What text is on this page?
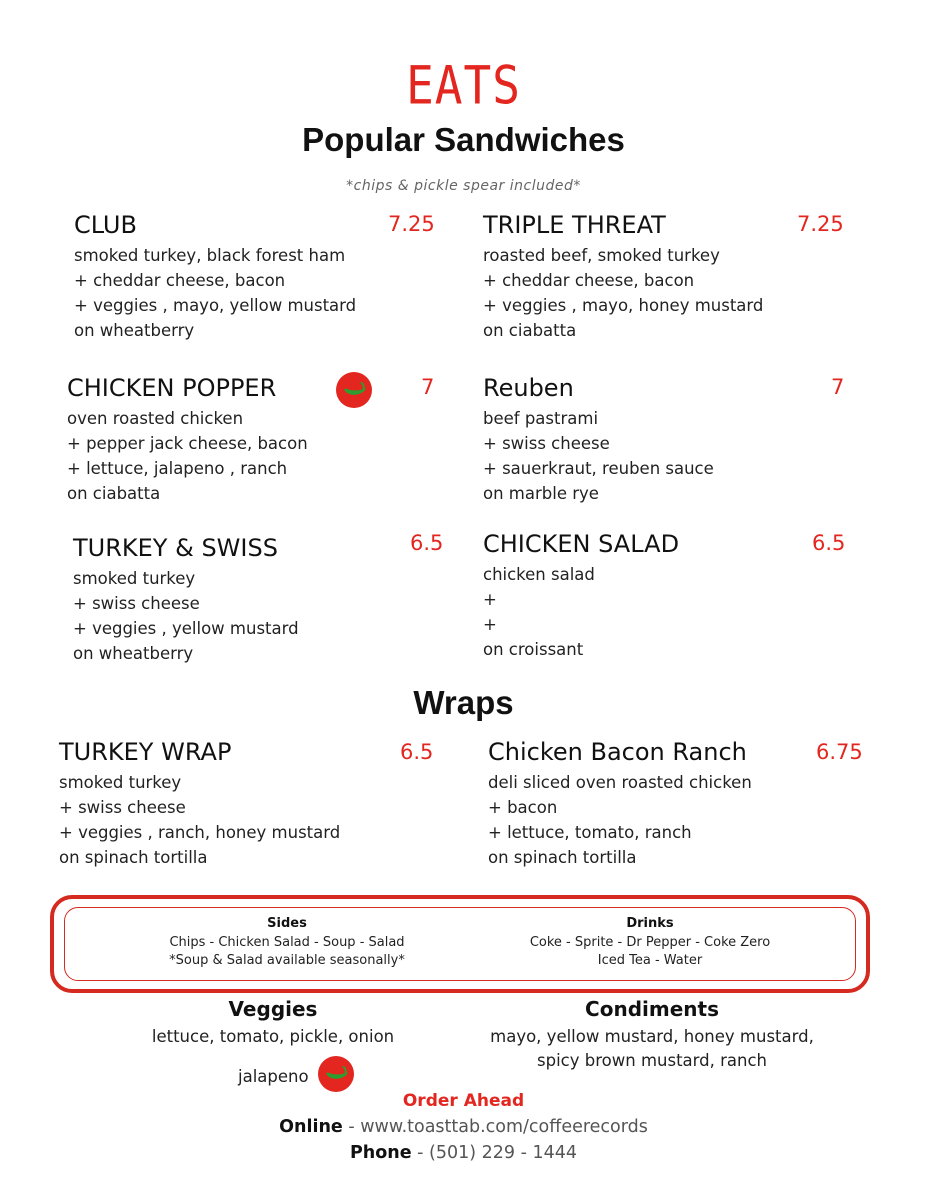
EATS
Popular Sandwiches
*chips & pickle spear included*
CLUB
smoked turkey, black forest ham
+ cheddar cheese, bacon
+ veggies , mayo, yellow mustard
on wheatberry
7.25 TRIPLE THREAT
roasted beef, smoked turkey
+ cheddar cheese, bacon
+ veggies , mayo, honey mustard
on ciabatta
7.25
CHICKEN POPPER
oven roasted chicken
+ pepper jack cheese, bacon
+ lettuce, jalapeno , ranch
on ciabatta
7 Reuben
beef pastrami
+ swiss cheese
+ sauerkraut, reuben sauce
on marble rye
7
TURKEY & SWISS
smoked turkey
+ swiss cheese
+ veggies , yellow mustard
on wheatberry
6.5 CHICKEN SALAD
chicken salad
+
+
on croissant
6.5
Wraps
TURKEY WRAP
smoked turkey
+ swiss cheese
+ veggies , ranch, honey mustard
on spinach tortilla
6.5 Chicken Bacon Ranch
deli sliced oven roasted chicken
+ bacon
+ lettuce, tomato, ranch
on spinach tortilla
6.75
Sides
Chips - Chicken Salad - Soup - Salad
*Soup & Salad available seasonally*
Drinks
Coke - Sprite - Dr Pepper - Coke Zero
Iced Tea - Water
Veggies
lettuce, tomato, pickle, onion
jalapeno
Condiments
mayo, yellow mustard, honey mustard,
spicy brown mustard, ranch
Order Ahead
Online - www.toasttab.com/coffeerecords
Phone - (501) 229 - 1444
